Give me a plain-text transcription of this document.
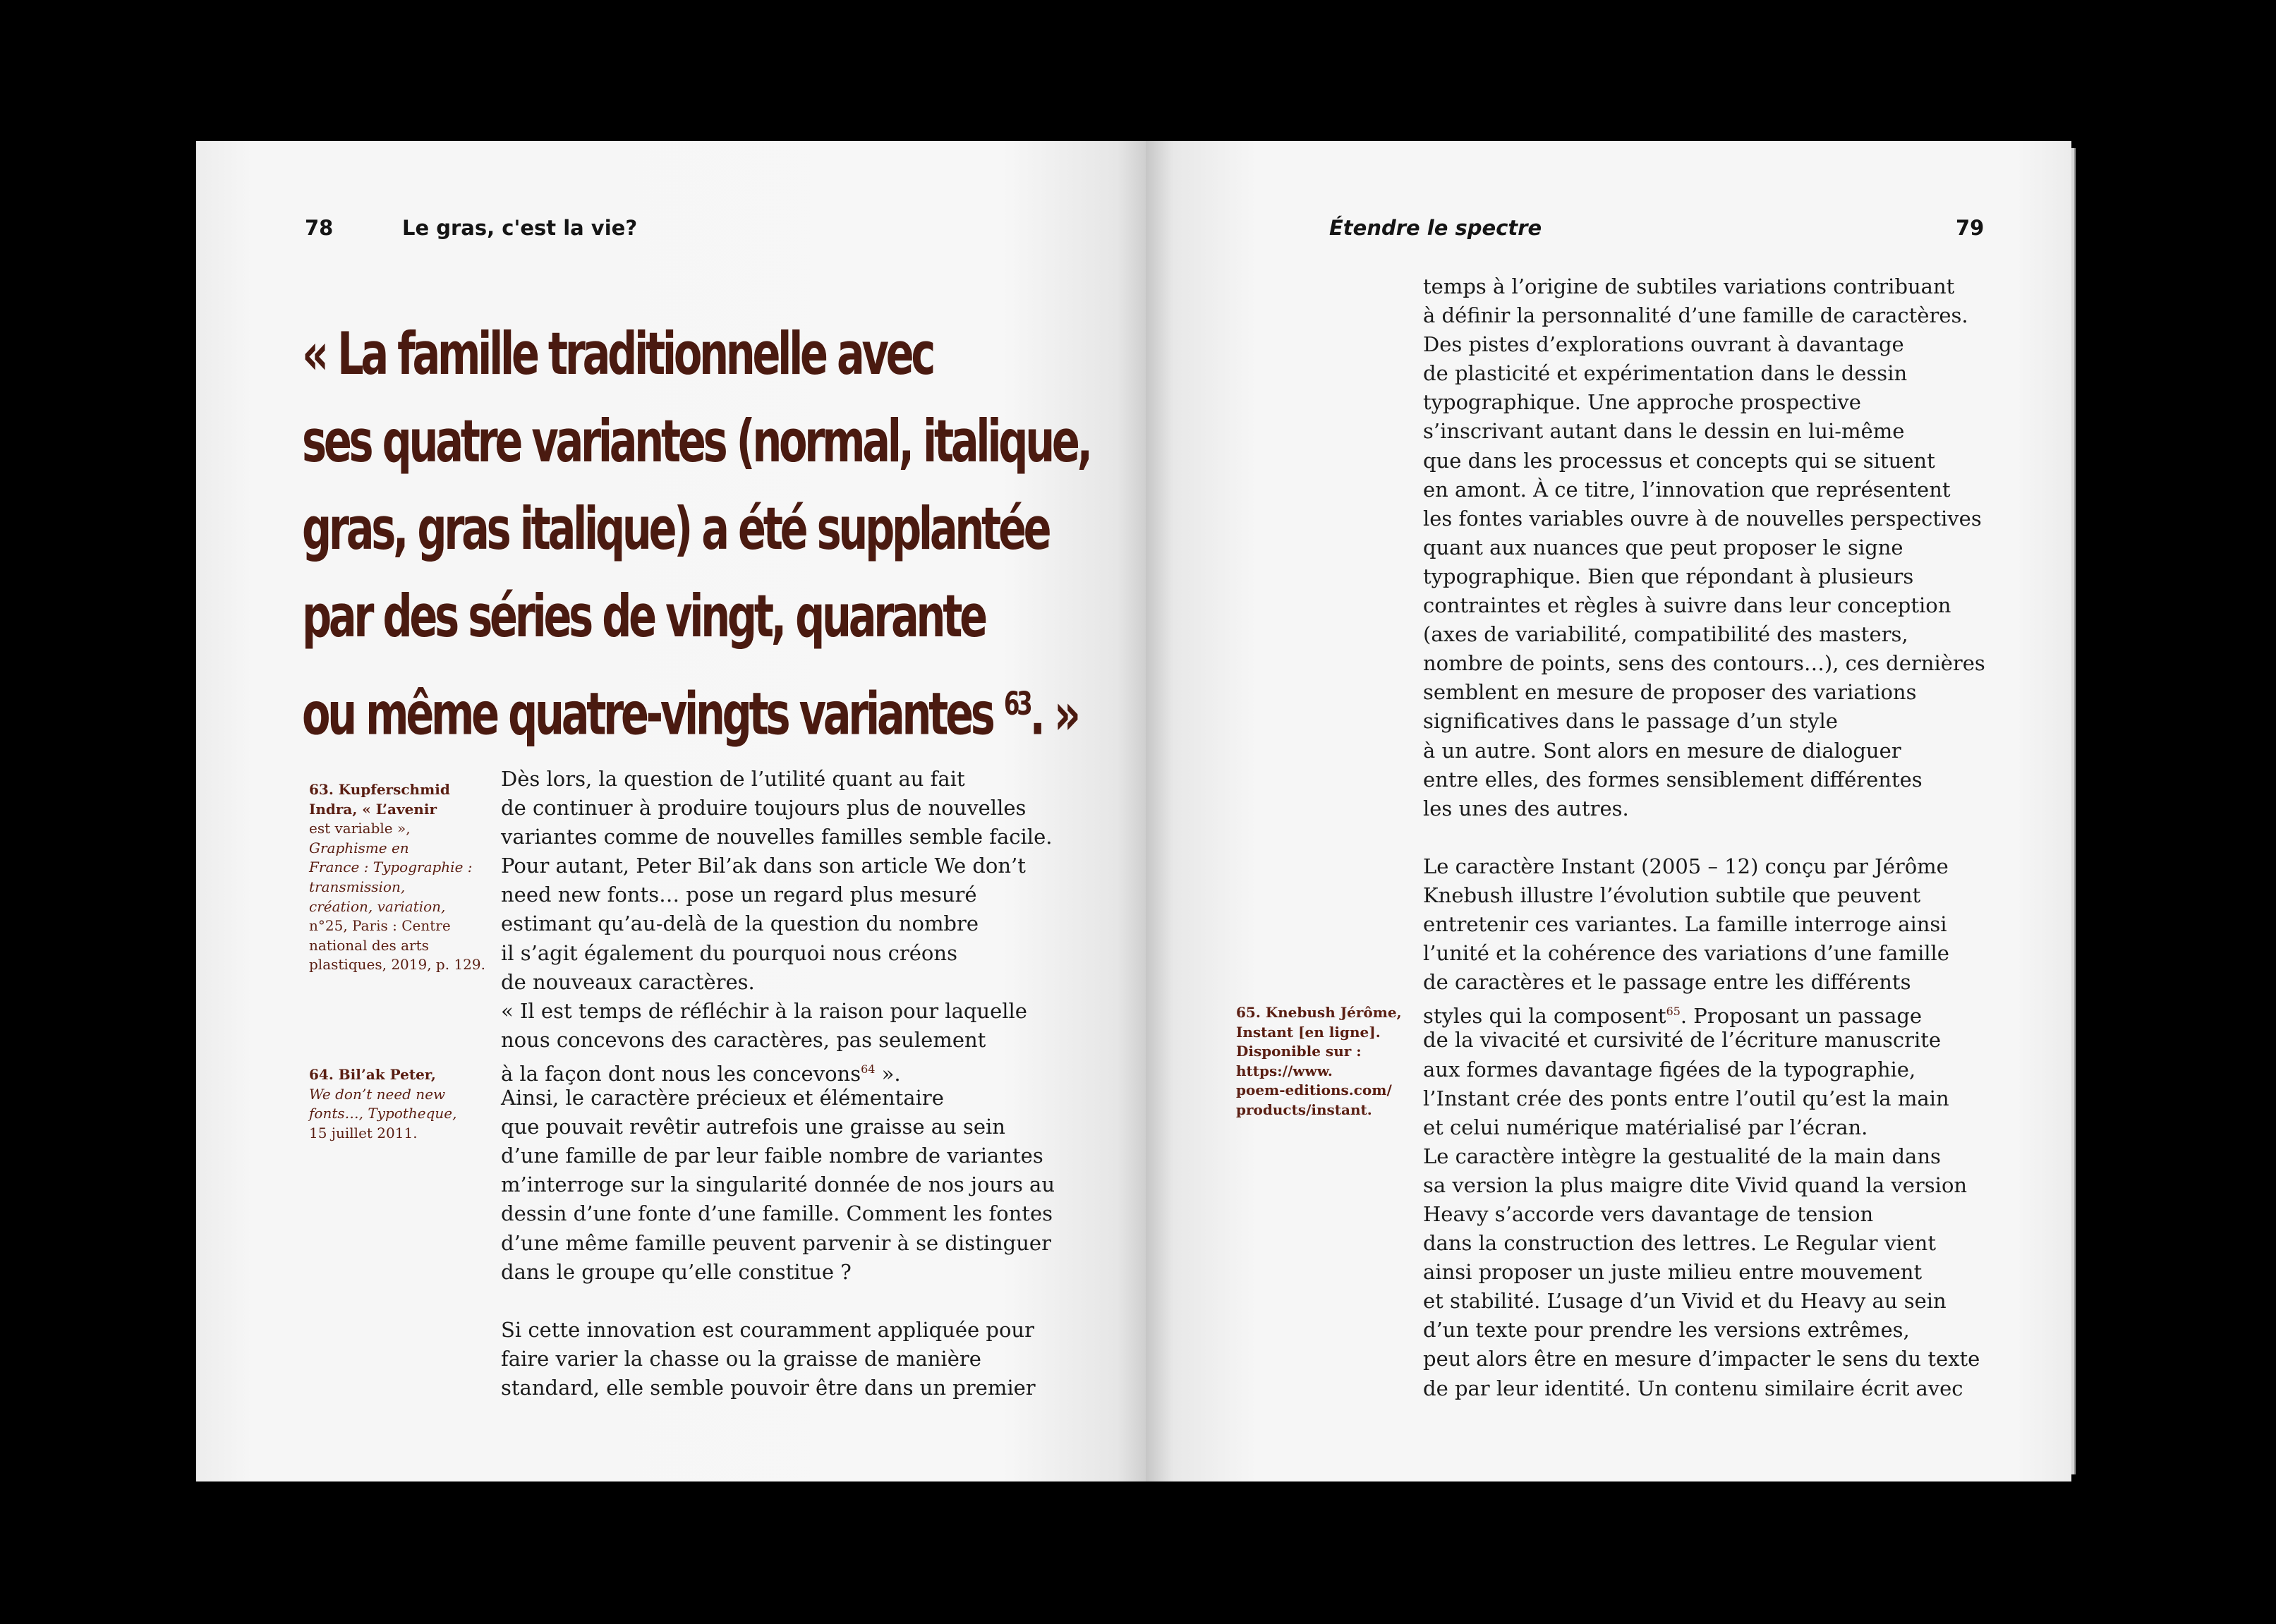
78	Le gras, c'est la vie?
« La famille traditionnelle avec
ses quatre variantes (normal, italique,
gras, gras italique) a été supplantée
par des séries de vingt, quarante
ou même quatre-vingts variantes $^{63}$. »
63. Kupferschmid
Indra, « L’avenir
est variable »,
Graphisme en
France : Typographie :
transmission,
création, variation,
n°25, Paris : Centre
national des arts
plastiques, 2019, p. 129.
64. Bil’ak Peter,
We don’t need new
fonts…, Typotheque,
15 juillet 2011.
Dès lors, la question de l’utilité quant au fait
de continuer à produire toujours plus de nouvelles
variantes comme de nouvelles familles semble facile.
Pour autant, Peter Bil’ak dans son article We don’t
need new fonts… pose un regard plus mesuré
estimant qu’au-delà de la question du nombre
il s’agit également du pourquoi nous créons
de nouveaux caractères.
« Il est temps de réfléchir à la raison pour laquelle
nous concevons des caractères, pas seulement
à la façon dont nous les concevons$^{64}$ ».
Ainsi, le caractère précieux et élémentaire
que pouvait revêtir autrefois une graisse au sein
d’une famille de par leur faible nombre de variantes
m’interroge sur la singularité donnée de nos jours au
dessin d’une fonte d’une famille. Comment les fontes
d’une même famille peuvent parvenir à se distinguer
dans le groupe qu’elle constitue ?
Si cette innovation est couramment appliquée pour
faire varier la chasse ou la graisse de manière
standard, elle semble pouvoir être dans un premier
Étendre le spectre	79
65. Knebush Jérôme,
Instant [en ligne].
Disponible sur :
https://www.
poem-editions.com/
products/instant.
temps à l’origine de subtiles variations contribuant
à définir la personnalité d’une famille de caractères.
Des pistes d’explorations ouvrant à davantage
de plasticité et expérimentation dans le dessin
typographique. Une approche prospective
s’inscrivant autant dans le dessin en lui-même
que dans les processus et concepts qui se situent
en amont. À ce titre, l’innovation que représentent
les fontes variables ouvre à de nouvelles perspectives
quant aux nuances que peut proposer le signe
typographique. Bien que répondant à plusieurs
contraintes et règles à suivre dans leur conception
(axes de variabilité, compatibilité des masters,
nombre de points, sens des contours…), ces dernières
semblent en mesure de proposer des variations
significatives dans le passage d’un style
à un autre. Sont alors en mesure de dialoguer
entre elles, des formes sensiblement différentes
les unes des autres.
Le caractère Instant (2005 – 12) conçu par Jérôme
Knebush illustre l’évolution subtile que peuvent
entretenir ces variantes. La famille interroge ainsi
l’unité et la cohérence des variations d’une famille
de caractères et le passage entre les différents
styles qui la composent$^{65}$. Proposant un passage
de la vivacité et cursivité de l’écriture manuscrite
aux formes davantage figées de la typographie,
l’Instant crée des ponts entre l’outil qu’est la main
et celui numérique matérialisé par l’écran.
Le caractère intègre la gestualité de la main dans
sa version la plus maigre dite Vivid quand la version
Heavy s’accorde vers davantage de tension
dans la construction des lettres. Le Regular vient
ainsi proposer un juste milieu entre mouvement
et stabilité. L’usage d’un Vivid et du Heavy au sein
d’un texte pour prendre les versions extrêmes,
peut alors être en mesure d’impacter le sens du texte
de par leur identité. Un contenu similaire écrit avec
